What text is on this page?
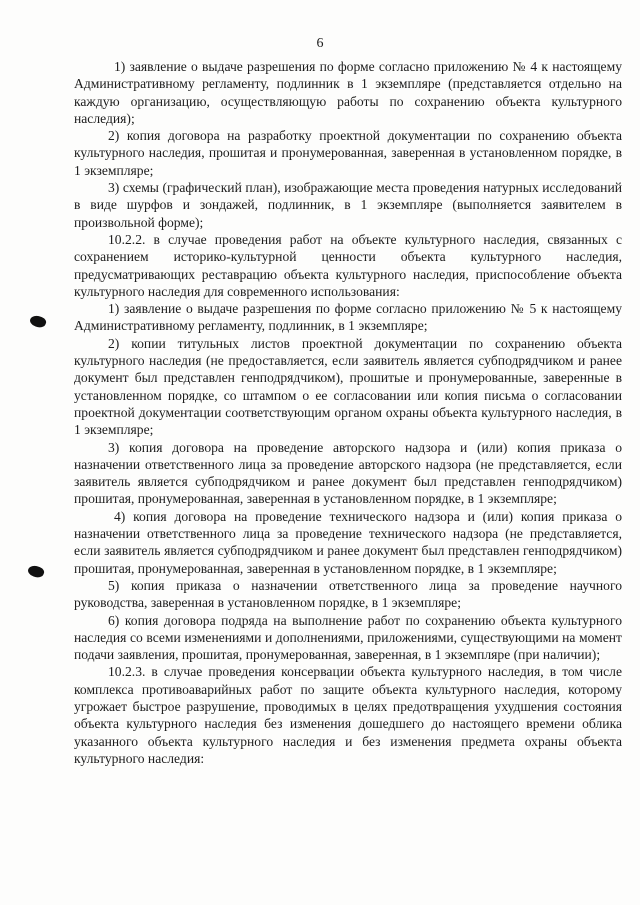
6

1) заявление о выдаче разрешения по форме согласно приложению № 4 к настоящему Административному регламенту, подлинник в 1 экземпляре (представляется отдельно на каждую организацию, осуществляющую работы по сохранению объекта культурного наследия);

2) копия договора на разработку проектной документации по сохранению объекта культурного наследия, прошитая и пронумерованная, заверенная в установленном порядке, в 1 экземпляре;

3) схемы (графический план), изображающие места проведения натурных исследований в виде шурфов и зондажей, подлинник, в 1 экземпляре (выполняется заявителем в произвольной форме);

10.2.2. в случае проведения работ на объекте культурного наследия, связанных с сохранением историко-культурной ценности объекта культурного наследия, предусматривающих реставрацию объекта культурного наследия, приспособление объекта культурного наследия для современного использования:

1) заявление о выдаче разрешения по форме согласно приложению № 5 к настоящему Административному регламенту, подлинник, в 1 экземпляре;

2) копии титульных листов проектной документации по сохранению объекта культурного наследия (не предоставляется, если заявитель является субподрядчиком и ранее документ был представлен генподрядчиком), прошитые и пронумерованные, заверенные в установленном порядке, со штампом о ее согласовании или копия письма о согласовании проектной документации соответствующим органом охраны объекта культурного наследия, в 1 экземпляре;

3) копия договора на проведение авторского надзора и (или) копия приказа о назначении ответственного лица за проведение авторского надзора (не представляется, если заявитель является субподрядчиком и ранее документ был представлен генподрядчиком) прошитая, пронумерованная, заверенная в установленном порядке, в 1 экземпляре;

4) копия договора на проведение технического надзора и (или) копия приказа о назначении ответственного лица за проведение технического надзора (не представляется, если заявитель является субподрядчиком и ранее документ был представлен генподрядчиком) прошитая, пронумерованная, заверенная в установленном порядке, в 1 экземпляре;

5) копия приказа о назначении ответственного лица за проведение научного руководства, заверенная в установленном порядке, в 1 экземпляре;

6) копия договора подряда на выполнение работ по сохранению объекта культурного наследия со всеми изменениями и дополнениями, приложениями, существующими на момент подачи заявления, прошитая, пронумерованная, заверенная, в 1 экземпляре (при наличии);

10.2.3. в случае проведения консервации объекта культурного наследия, в том числе комплекса противоаварийных работ по защите объекта культурного наследия, которому угрожает быстрое разрушение, проводимых в целях предотвращения ухудшения состояния объекта культурного наследия без изменения дошедшего до настоящего времени облика указанного объекта культурного наследия и без изменения предмета охраны объекта культурного наследия:
